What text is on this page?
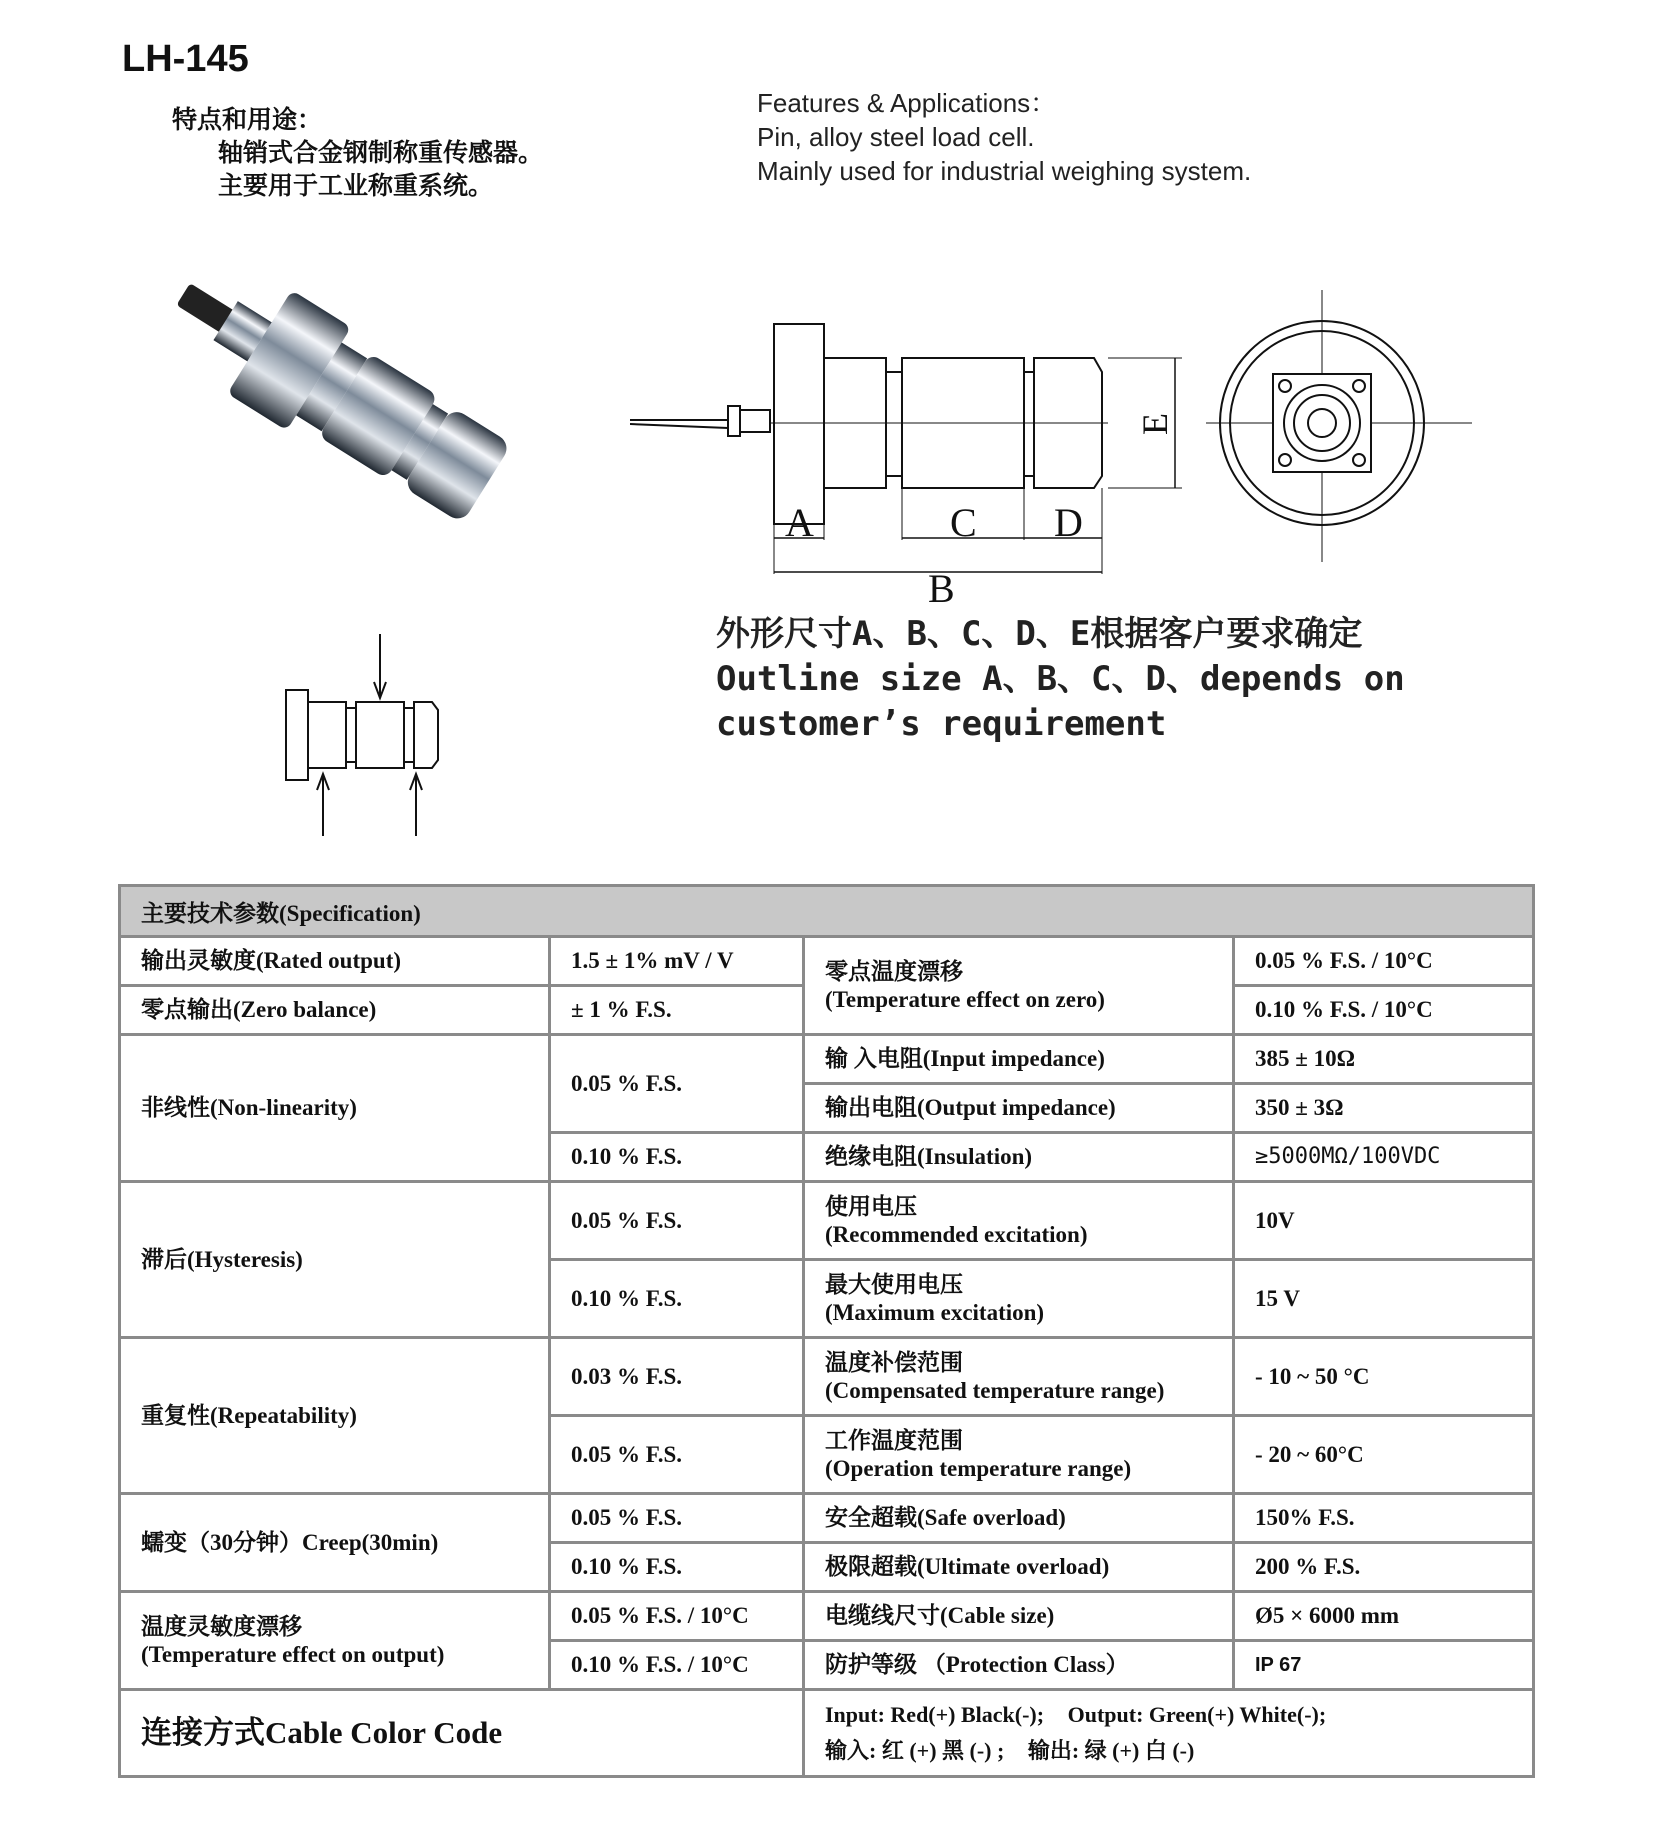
LH-145
特点和用途：
轴销式合金钢制称重传感器。
主要用于工业称重系统。
Features & Applications：
Pin, alloy steel load cell.
Mainly used for industrial weighing system.
E
A	C D
B
外形尺寸A、B、C、D、E根据客户要求确定
Outline size A、B、C、D、depends on
customer’s requirement
主要技术参数(Specification)			
输出灵敏度(Rated output)	1.5 ± 1% mV / V	零点温度漂移
(Temperature effect on zero)	0.05 % F.S. / 10°C
零点输出(Zero balance)	± 1 % F.S.		0.10 % F.S. / 10°C
非线性(Non-linearity)	0.05 % F.S.	输 入电阻(Input impedance)	385 ± 10Ω
		输出电阻(Output impedance)	350 ± 3Ω
	0.10 % F.S.	绝缘电阻(Insulation)	≥5000MΩ/100VDC
滞后(Hysteresis)	0.05 % F.S.	使用电压
(Recommended excitation)	10V
	0.10 % F.S.	最大使用电压
(Maximum excitation)	15 V
重复性(Repeatability)	0.03 % F.S.	温度补偿范围
(Compensated temperature range)	- 10 ~ 50 °C
	0.05 % F.S.	工作温度范围
(Operation temperature range)	- 20 ~ 60°C
蠕变（30分钟）Creep(30min)	0.05 % F.S.	安全超载(Safe overload)	150% F.S.
	0.10 % F.S.	极限超载(Ultimate overload)	200 % F.S.

温度灵敏度漂移
(Temperature effect on output)	0.05 % F.S. / 10°C	电缆线尺寸(Cable size)	Ø5 × 6000 mm
	0.10 % F.S. / 10°C	防护等级 （Protection Class）	IP 67
连接方式Cable Color Code		Input: Red(+) Black(-); Output: Green(+) White(-);
输入: 红 (+) 黑 (-) ; 输出: 绿 (+) 白 (-)	
